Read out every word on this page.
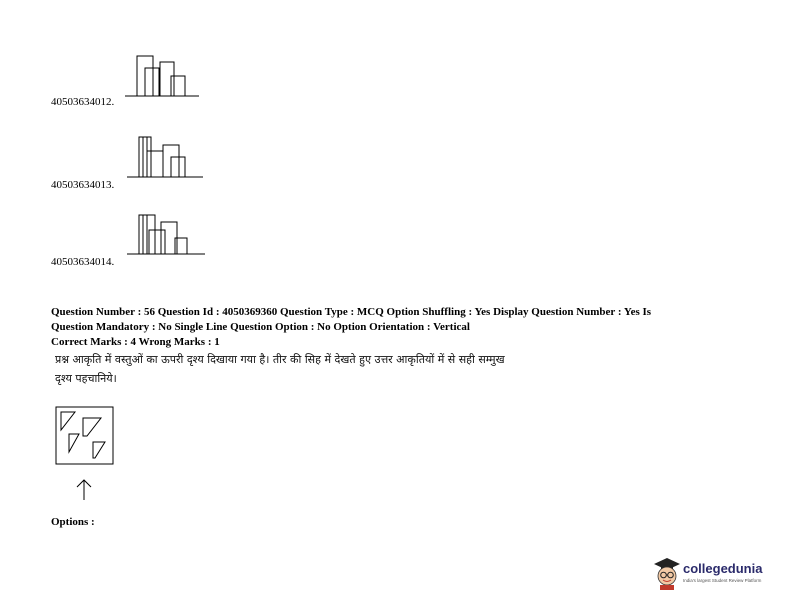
40503634012.
40503634013.
40503634014.
Question Number : 56 Question Id : 4050369360 Question Type : MCQ Option Shuffling : Yes Display Question Number : Yes Is
Question Mandatory : No Single Line Question Option : No Option Orientation : Vertical
Correct Marks : 4 Wrong Marks : 1
प्रश्न आकृति में वस्तुओं का ऊपरी दृश्य दिखाया गया है। तीर की सिह में देखते हुए उत्तर आकृतियों में से सही सम्मुख
दृश्य पहचानिये।
Options :
collegedunia
India's largest Student Review Platform
